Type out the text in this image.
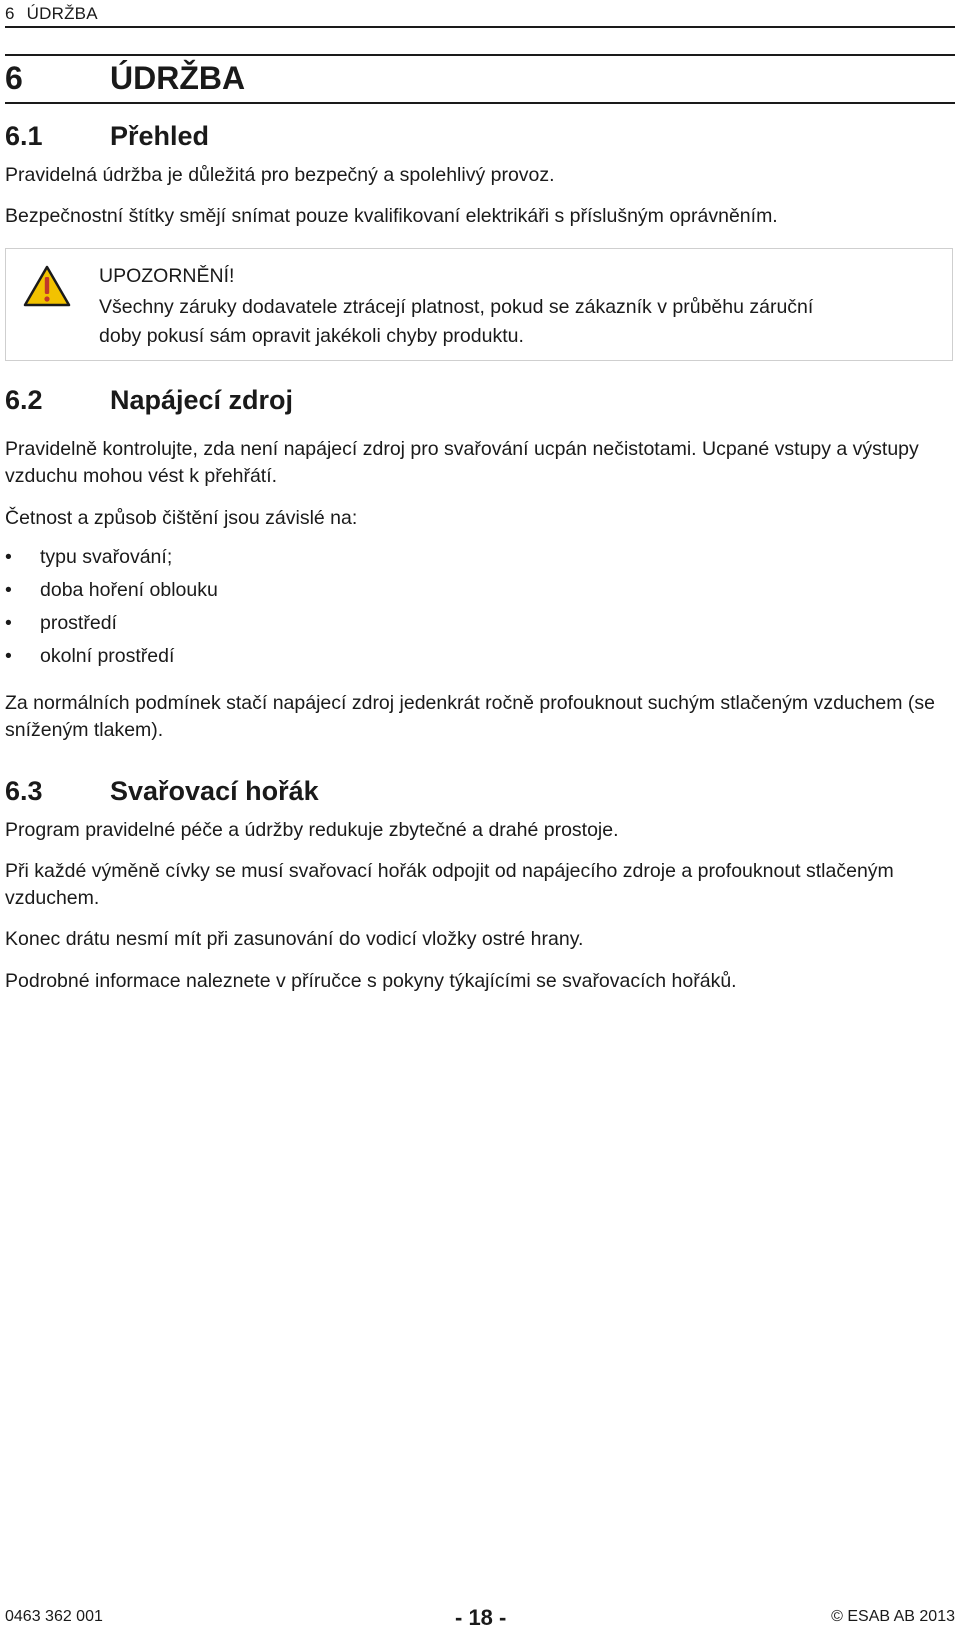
6 ÚDRŽBA
6	ÚDRŽBA
6.1 Přehled
Pravidelná údržba je důležitá pro bezpečný a spolehlivý provoz.
Bezpečnostní štítky smějí snímat pouze kvalifikovaní elektrikáři s příslušným oprávněním.
UPOZORNĚNÍ!
Všechny záruky dodavatele ztrácejí platnost, pokud se zákazník v průběhu záruční doby pokusí sám opravit jakékoli chyby produktu.
6.2 Napájecí zdroj
Pravidelně kontrolujte, zda není napájecí zdroj pro svařování ucpán nečistotami. Ucpané vstupy a výstupy vzduchu mohou vést k přehřátí.
Četnost a způsob čištění jsou závislé na:
• typu svařování;
• doba hoření oblouku
• prostředí
• okolní prostředí
Za normálních podmínek stačí napájecí zdroj jedenkrát ročně profouknout suchým stlačeným vzduchem (se sníženým tlakem).
6.3 Svařovací hořák
Program pravidelné péče a údržby redukuje zbytečné a drahé prostoje.
Při každé výměně cívky se musí svařovací hořák odpojit od napájecího zdroje a profouknout stlačeným vzduchem.
Konec drátu nesmí mít při zasunování do vodicí vložky ostré hrany.
Podrobné informace naleznete v příručce s pokyny týkajícími se svařovacích hořáků.
0463 362 001	- 18 -	© ESAB AB 2013
